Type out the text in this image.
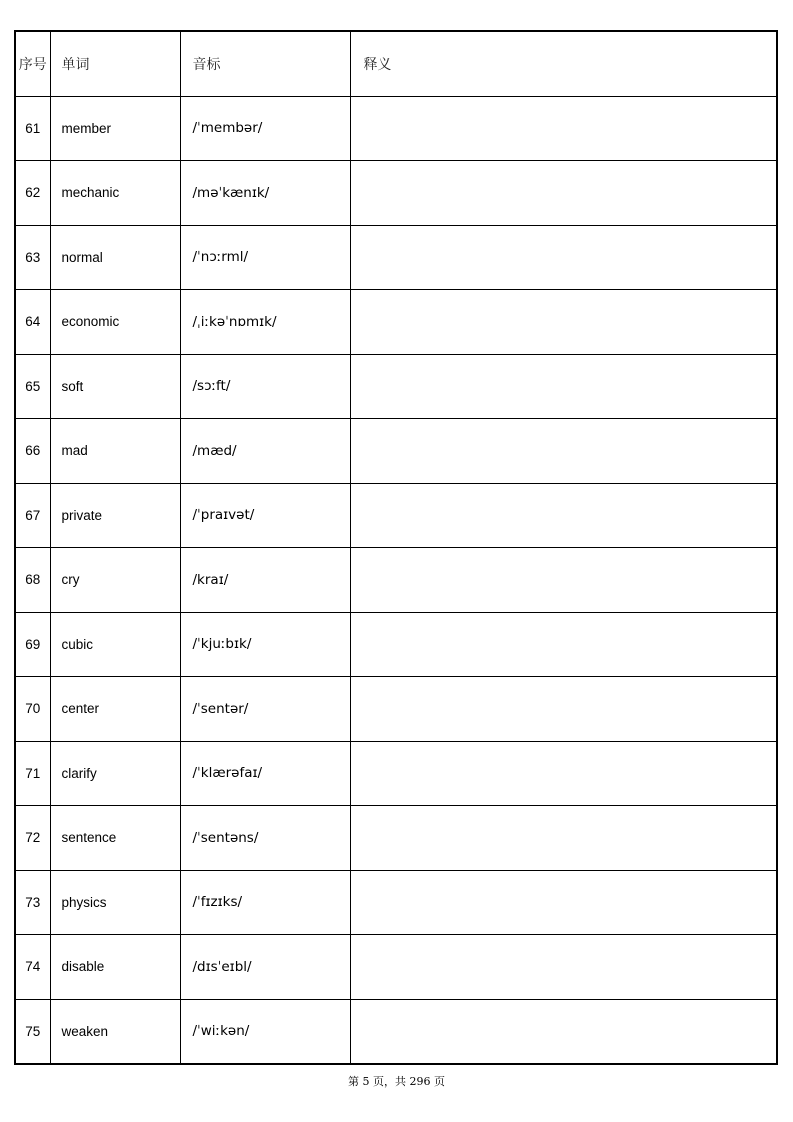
序号	单词	音标	释义
61	member	/ˈmembər/	
62	mechanic	/məˈkænɪk/	
63	normal	/ˈnɔːrml/	
64	economic	/ˌiːkəˈnɒmɪk/	
65	soft	/sɔːft/	
66	mad	/mæd/	
67	private	/ˈpraɪvət/	
68	cry	/kraɪ/	
69	cubic	/ˈkjuːbɪk/	
70	center	/ˈsentər/	
71	clarify	/ˈklærəfaɪ/	
72	sentence	/ˈsentəns/	
73	physics	/ˈfɪzɪks/	
74	disable	/dɪsˈeɪbl/	
75	weaken	/ˈwiːkən/	
第 5 页，共 296 页
